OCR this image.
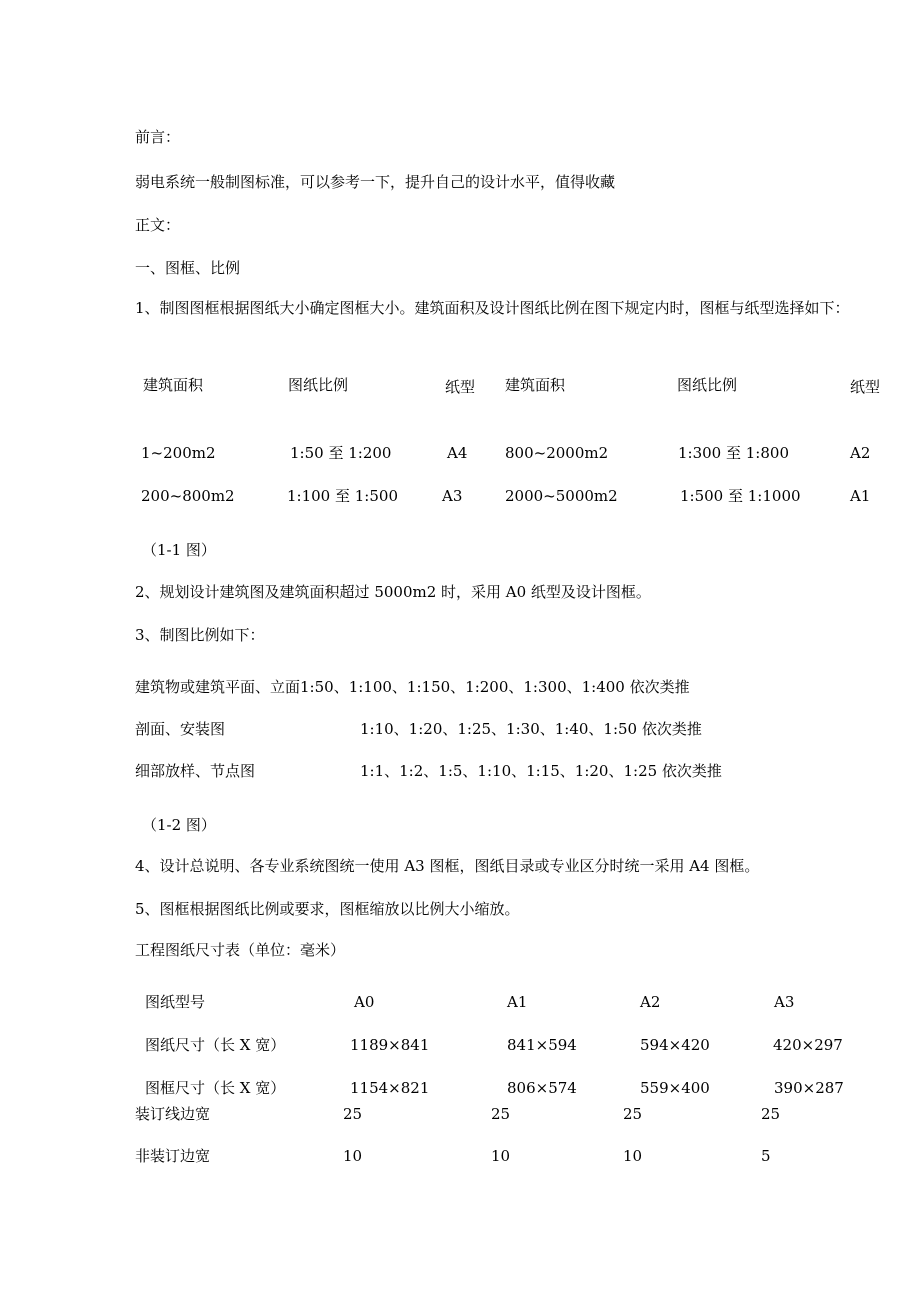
前言：
弱电系统一般制图标准，可以参考一下，提升自己的设计水平，值得收藏
正文：
一、图框、比例
1、制图图框根据图纸大小确定图框大小。建筑面积及设计图纸比例在图下规定内时，图框与纸型选择如下：
建筑面积	图纸比例	纸型 建筑面积	图纸比例	纸型
1~200m2	1:50 至 1:200	A4	800~2000m2	1:300 至 1:800	A2
200~800m2	1:100 至 1:500	A3	2000~5000m2	1:500 至 1:1000	A1
（1-1 图）
2、规划设计建筑图及建筑面积超过 5000m2 时，采用 A0 纸型及设计图框。
3、制图比例如下：
建筑物或建筑平面、立面1:50、1:100、1:150、1:200、1:300、1:400 依次类推
剖面、安装图	1:10、1:20、1:25、1:30、1:40、1:50 依次类推
细部放样、节点图	1:1、1:2、1:5、1:10、1:15、1:20、1:25 依次类推
（1-2 图）
4、设计总说明、各专业系统图统一使用 A3 图框，图纸目录或专业区分时统一采用 A4 图框。
5、图框根据图纸比例或要求，图框缩放以比例大小缩放。
工程图纸尺寸表（单位：毫米）
图纸型号	A0	A1	A2	A3
图纸尺寸（长 X 宽）	1189×841	841×594	594×420	420×297
图框尺寸（长 X 宽）	1154×821	806×574	559×400	390×287
装订线边宽	25	25	25	25
非装订边宽	10	10	10	5
